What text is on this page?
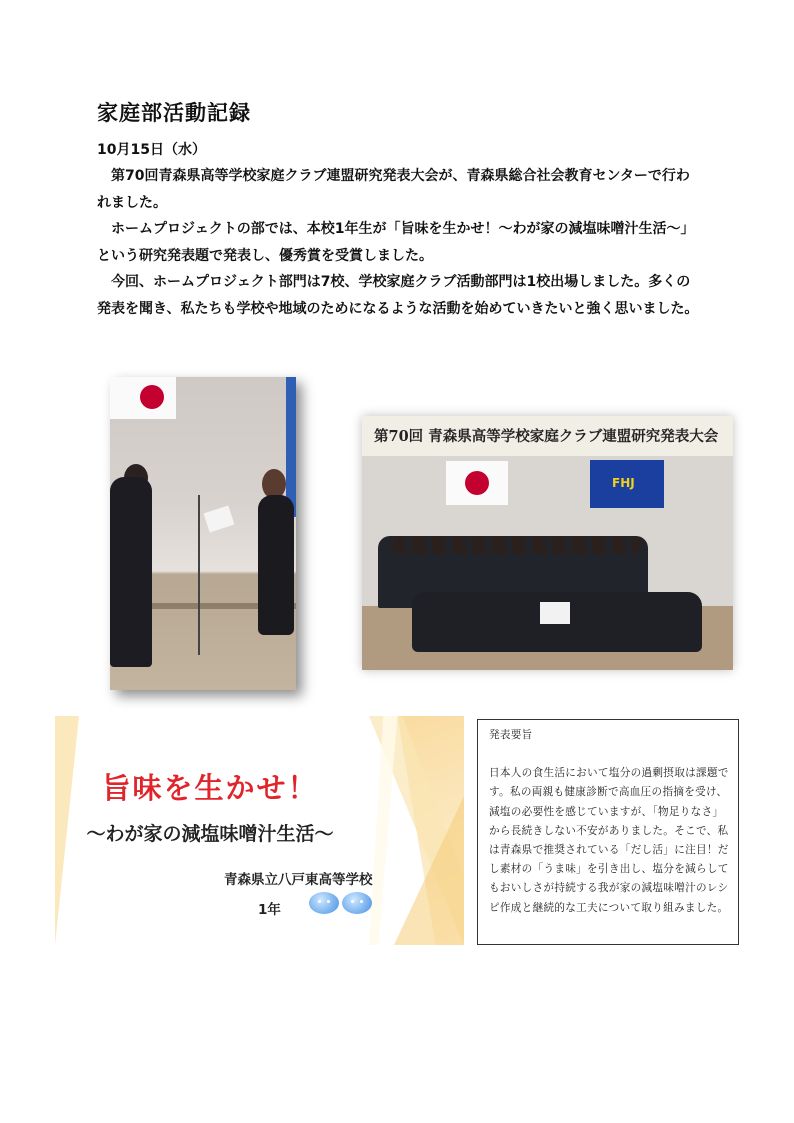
家庭部活動記録
10月15日（水）

第70回青森県高等学校家庭クラブ連盟研究発表大会が、青森県総合社会教育センターで行われました。

ホームプロジェクトの部では、本校1年生が「旨味を生かせ！～わが家の減塩味噌汁生活～」という研究発表題で発表し、優秀賞を受賞しました。

今回、ホームプロジェクト部門は7校、学校家庭クラブ活動部門は1校出場しました。多くの発表を聞き、私たちも学校や地域のためになるような活動を始めていきたいと強く思いました。

第70回 青森県高等学校家庭クラブ連盟研究発表大会
FHJ
旨味を生かせ！
～わが家の減塩味噌汁生活～
青森県立八戸東高等学校
1年

発表要旨

日本人の食生活において塩分の過剰摂取は課題です。私の両親も健康診断で高血圧の指摘を受け、減塩の必要性を感じていますが、「物足りなさ」から長続きしない不安がありました。そこで、私は青森県で推奨されている「だし活」に注目！だし素材の「うま味」を引き出し、塩分を減らしてもおいしさが持続する我が家の減塩味噌汁のレシピ作成と継続的な工夫について取り組みました。
